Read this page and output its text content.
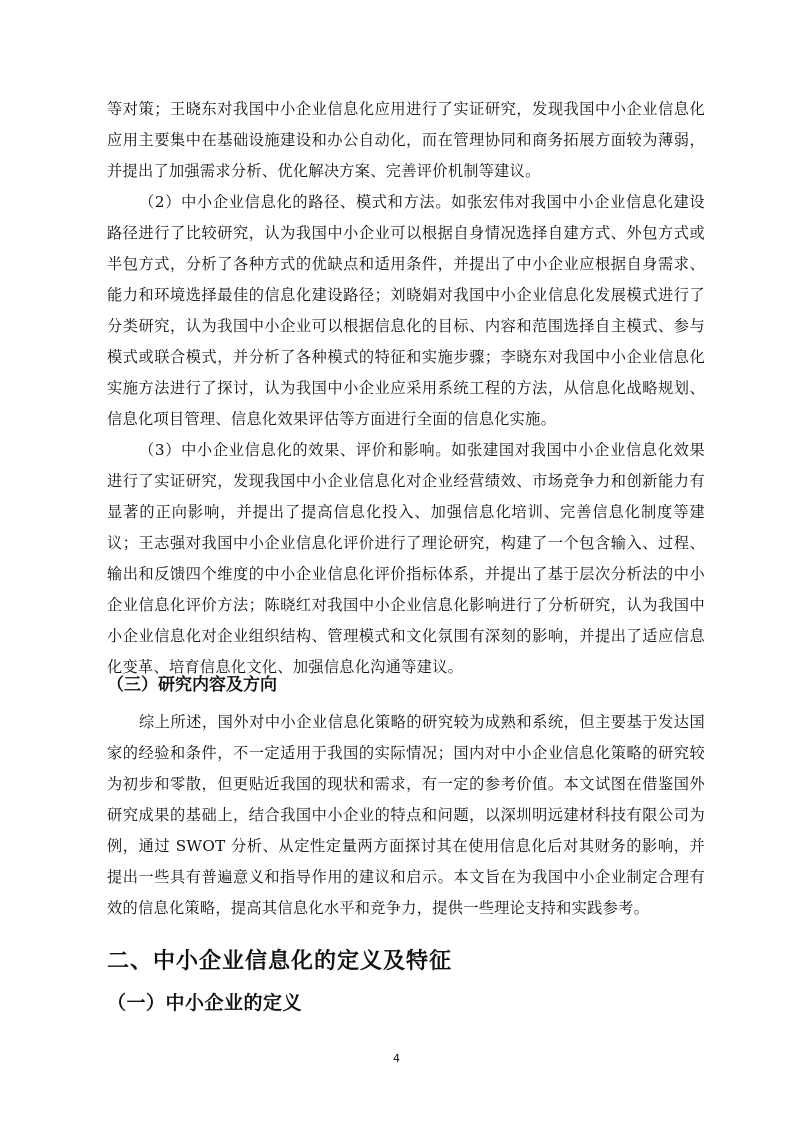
等对策；王晓东对我国中小企业信息化应用进行了实证研究，发现我国中小企业信息化应用主要集中在基础设施建设和办公自动化，而在管理协同和商务拓展方面较为薄弱，并提出了加强需求分析、优化解决方案、完善评价机制等建议。

（2）中小企业信息化的路径、模式和方法。如张宏伟对我国中小企业信息化建设路径进行了比较研究，认为我国中小企业可以根据自身情况选择自建方式、外包方式或半包方式，分析了各种方式的优缺点和适用条件，并提出了中小企业应根据自身需求、能力和环境选择最佳的信息化建设路径；刘晓娟对我国中小企业信息化发展模式进行了分类研究，认为我国中小企业可以根据信息化的目标、内容和范围选择自主模式、参与模式或联合模式，并分析了各种模式的特征和实施步骤；李晓东对我国中小企业信息化实施方法进行了探讨，认为我国中小企业应采用系统工程的方法，从信息化战略规划、信息化项目管理、信息化效果评估等方面进行全面的信息化实施。

（3）中小企业信息化的效果、评价和影响。如张建国对我国中小企业信息化效果进行了实证研究，发现我国中小企业信息化对企业经营绩效、市场竞争力和创新能力有显著的正向影响，并提出了提高信息化投入、加强信息化培训、完善信息化制度等建议；王志强对我国中小企业信息化评价进行了理论研究，构建了一个包含输入、过程、输出和反馈四个维度的中小企业信息化评价指标体系，并提出了基于层次分析法的中小企业信息化评价方法；陈晓红对我国中小企业信息化影响进行了分析研究，认为我国中小企业信息化对企业组织结构、管理模式和文化氛围有深刻的影响，并提出了适应信息化变革、培育信息化文化、加强信息化沟通等建议。

（三）研究内容及方向

综上所述，国外对中小企业信息化策略的研究较为成熟和系统，但主要基于发达国家的经验和条件，不一定适用于我国的实际情况；国内对中小企业信息化策略的研究较为初步和零散，但更贴近我国的现状和需求，有一定的参考价值。本文试图在借鉴国外研究成果的基础上，结合我国中小企业的特点和问题，以深圳明远建材科技有限公司为例，通过 SWOT 分析、从定性定量两方面探讨其在使用信息化后对其财务的影响，并提出一些具有普遍意义和指导作用的建议和启示。本文旨在为我国中小企业制定合理有效的信息化策略，提高其信息化水平和竞争力，提供一些理论支持和实践参考。

二、中小企业信息化的定义及特征
（一）中小企业的定义

4
